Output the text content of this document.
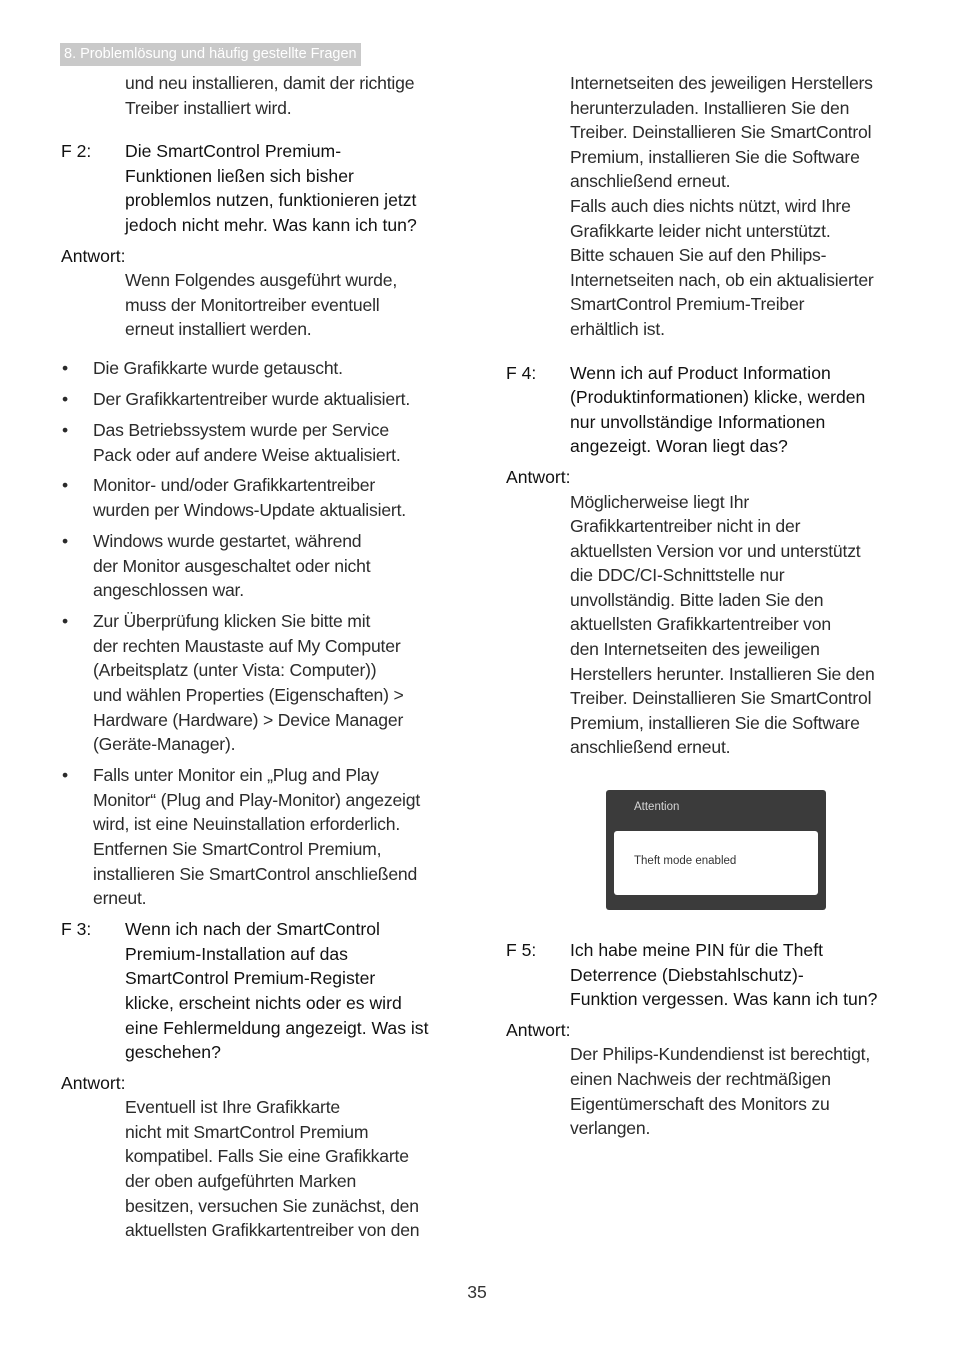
8. Problemlösung und häufig gestellte Fragen
und neu installieren, damit der richtige
Treiber installiert wird.
F 2:	Die SmartControl Premium-
Funktionen ließen sich bisher
problemlos nutzen, funktionieren jetzt
jedoch nicht mehr. Was kann ich tun?
Antwort:
Wenn Folgendes ausgeführt wurde,
muss der Monitortreiber eventuell
erneut installiert werden.
• Die Grafikkarte wurde getauscht.
• Der Grafikkartentreiber wurde aktualisiert.
• Das Betriebssystem wurde per Service
Pack oder auf andere Weise aktualisiert.
• Monitor- und/oder Grafikkartentreiber
wurden per Windows-Update aktualisiert.
• Windows wurde gestartet, während
der Monitor ausgeschaltet oder nicht
angeschlossen war.
• Zur Überprüfung klicken Sie bitte mit
der rechten Maustaste auf My Computer
(Arbeitsplatz (unter Vista: Computer))
und wählen Properties (Eigenschaften) >
Hardware (Hardware) > Device Manager
(Geräte-Manager).
• Falls unter Monitor ein „Plug and Play
Monitor“ (Plug and Play-Monitor) angezeigt
wird, ist eine Neuinstallation erforderlich.
Entfernen Sie SmartControl Premium,
installieren Sie SmartControl anschließend
erneut.
F 3:	Wenn ich nach der SmartControl
Premium-Installation auf das
SmartControl Premium-Register
klicke, erscheint nichts oder es wird
eine Fehlermeldung angezeigt. Was ist
geschehen?
Antwort:
Eventuell ist Ihre Grafikkarte
nicht mit SmartControl Premium
kompatibel. Falls Sie eine Grafikkarte
der oben aufgeführten Marken
besitzen, versuchen Sie zunächst, den
aktuellsten Grafikkartentreiber von den
Internetseiten des jeweiligen Herstellers
herunterzuladen. Installieren Sie den
Treiber. Deinstallieren Sie SmartControl
Premium, installieren Sie die Software
anschließend erneut.
Falls auch dies nichts nützt, wird Ihre
Grafikkarte leider nicht unterstützt.
Bitte schauen Sie auf den Philips-
Internetseiten nach, ob ein aktualisierter
SmartControl Premium-Treiber
erhältlich ist.
F 4:	Wenn ich auf Product Information
(Produktinformationen) klicke, werden
nur unvollständige Informationen
angezeigt. Woran liegt das?
Antwort:
Möglicherweise liegt Ihr
Grafikkartentreiber nicht in der
aktuellsten Version vor und unterstützt
die DDC/CI-Schnittstelle nur
unvollständig. Bitte laden Sie den
aktuellsten Grafikkartentreiber von
den Internetseiten des jeweiligen
Herstellers herunter. Installieren Sie den
Treiber. Deinstallieren Sie SmartControl
Premium, installieren Sie die Software
anschließend erneut.
F 5:	Ich habe meine PIN für die Theft
Deterrence (Diebstahlschutz)-
Funktion vergessen. Was kann ich tun?
Antwort:
Der Philips-Kundendienst ist berechtigt,
einen Nachweis der rechtmäßigen
Eigentümerschaft des Monitors zu
verlangen.
Attention
Theft mode enabled
35
